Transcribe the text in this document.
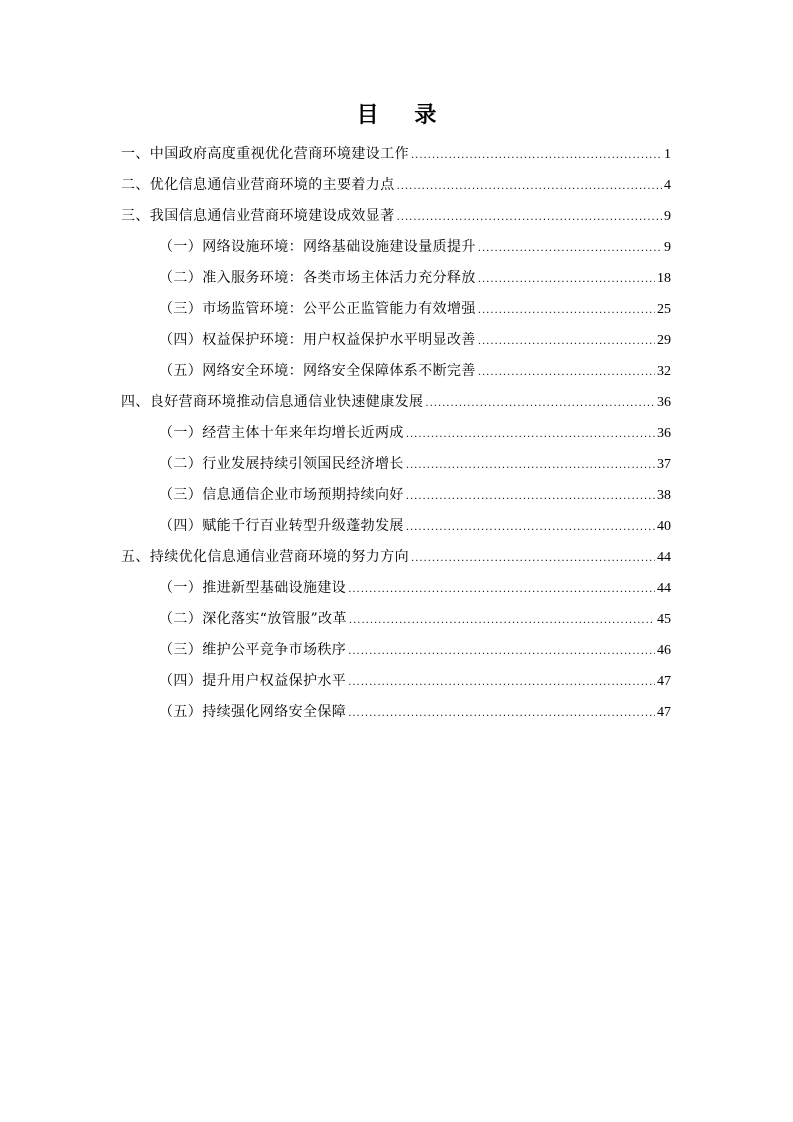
目 录
一、中国政府高度重视优化营商环境建设工作 .....	1
二、优化信息通信业营商环境的主要着力点 .....	4
三、我国信息通信业营商环境建设成效显著 .....	9
（一）网络设施环境：网络基础设施建设量质提升 .....	9
（二）准入服务环境：各类市场主体活力充分释放 .....	18
（三）市场监管环境：公平公正监管能力有效增强 .....	25
（四）权益保护环境：用户权益保护水平明显改善 .....	29
（五）网络安全环境：网络安全保障体系不断完善 .....	32
四、良好营商环境推动信息通信业快速健康发展 .....	36
（一）经营主体十年来年均增长近两成 .....	36
（二）行业发展持续引领国民经济增长 .....	37
（三）信息通信企业市场预期持续向好 .....	38
（四）赋能千行百业转型升级蓬勃发展 .....	40
五、持续优化信息通信业营商环境的努力方向 .....	44
（一）推进新型基础设施建设 .....	44
（二）深化落实“放管服”改革 .....	45
（三）维护公平竞争市场秩序 .....	46
（四）提升用户权益保护水平 .....	47
（五）持续强化网络安全保障 .....	47
